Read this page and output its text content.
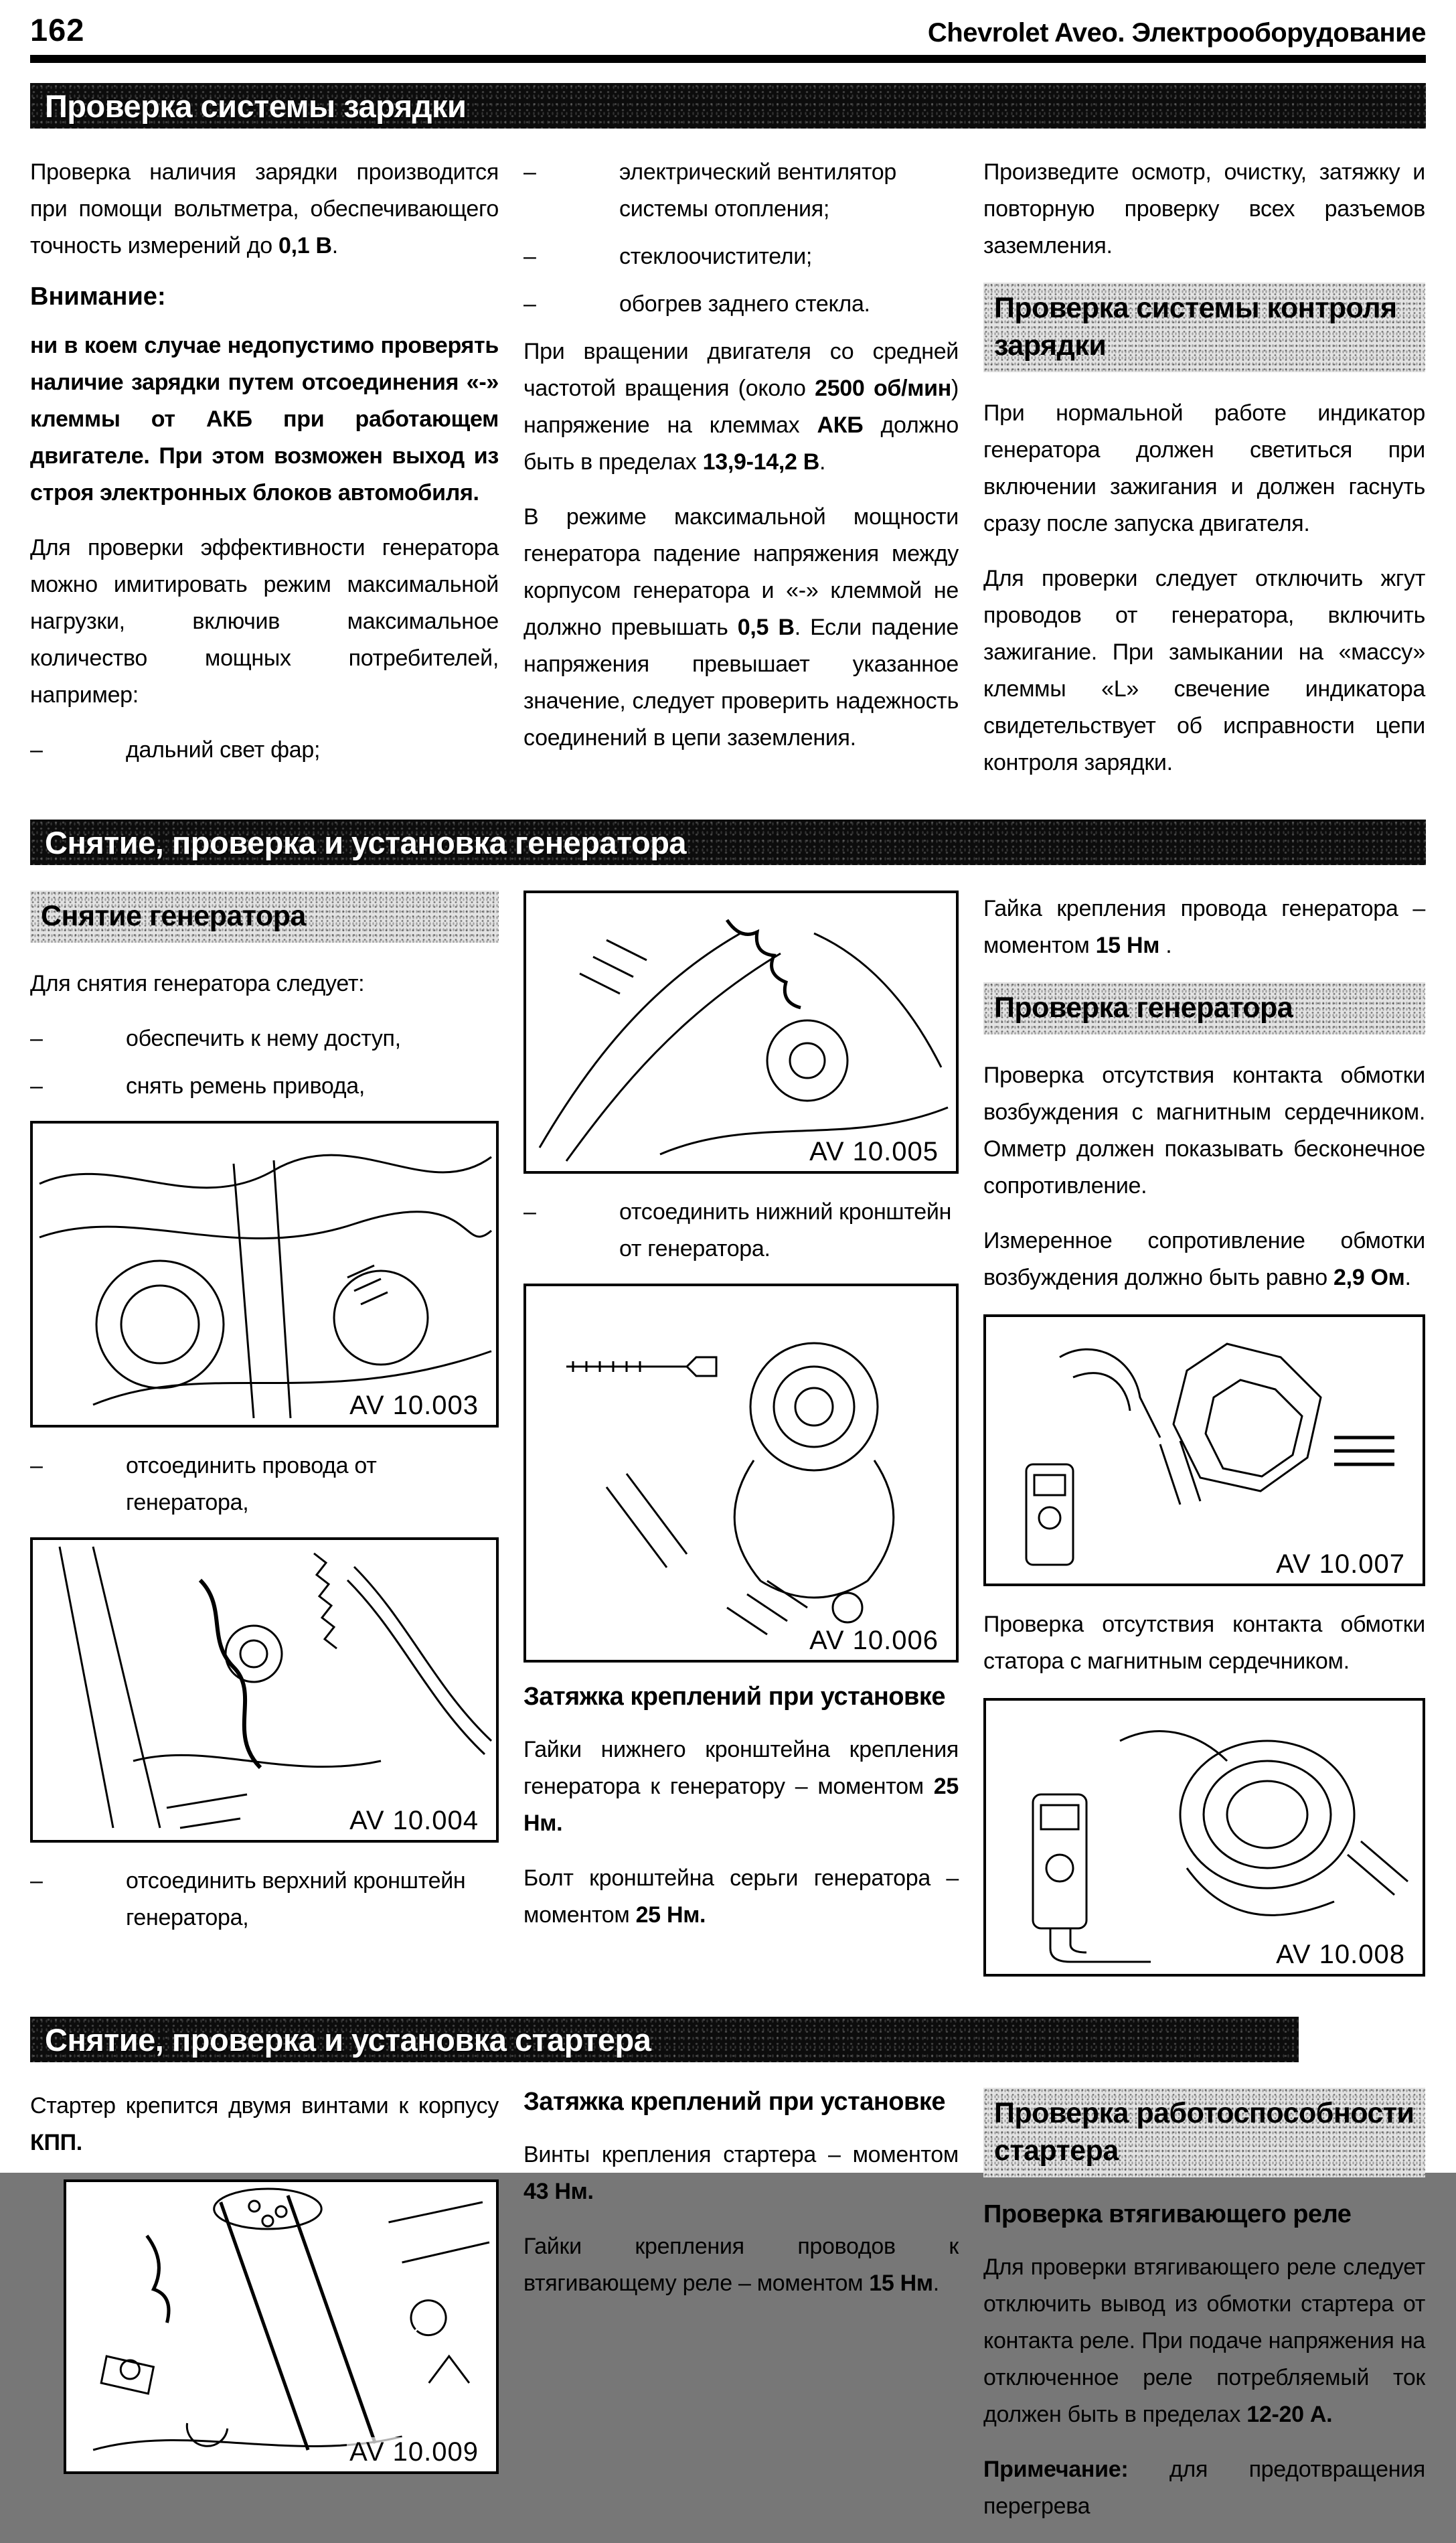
162	Chevrolet Aveo. Электрооборудование
Проверка системы зарядки

Проверка наличия зарядки производится при помощи вольтметра, обеспечивающего точность измерений до 0,1 В.

Внимание:

ни в коем случае недопустимо проверять наличие зарядки путем отсоединения «-» клеммы от АКБ при работающем двигателе. При этом возможен выход из строя электронных блоков автомобиля.

Для проверки эффективности генератора можно имитировать режим максимальной нагрузки, включив максимальное количество мощных потребителей, например:

–	дальний свет фар;
–	электрический вентилятор системы отопления;
–	стеклоочистители;
–	обогрев заднего стекла.

При вращении двигателя со средней частотой вращения (около 2500 об/мин) напряжение на клеммах АКБ должно быть в пределах 13,9-14,2 В.

В режиме максимальной мощности генератора падение напряжения между корпусом генератора и «-» клеммой не должно превышать 0,5 В. Если падение напряжения превышает указанное значение, следует проверить надежность соединений в цепи заземления.

Произведите осмотр, очистку, затяжку и повторную проверку всех разъемов заземления.

Проверка системы контроля зарядки

При нормальной работе индикатор генератора должен светиться при включении зажигания и должен гаснуть сразу после запуска двигателя.

Для проверки следует отключить жгут проводов от генератора, включить зажигание. При замыкании на «массу» клеммы «L» свечение индикатора свидетельствует об исправности цепи контроля зарядки.

Снятие, проверка и установка генератора
Снятие генератора

Для снятия генератора следует:

–	обеспечить к нему доступ,
–	снять ремень привода,
AV 10.003
–	отсоединить провода от генератора,
AV 10.004
–	отсоединить верхний кронштейн генератора,
AV 10.005
–	отсоединить нижний кронштейн от генератора.
AV 10.006

Затяжка креплений при установке

Гайки нижнего кронштейна крепления генератора к генератору – моментом 25 Нм.

Болт кронштейна серьги генератора – моментом 25 Нм.

Гайка крепления провода генератора – моментом 15 Нм .

Проверка генератора

Проверка отсутствия контакта обмотки возбуждения с магнитным сердечником. Омметр должен показывать бесконечное сопротивление.

Измеренное сопротивление обмотки возбуждения должно быть равно 2,9 Ом.

AV 10.007

Проверка отсутствия контакта обмотки статора с магнитным сердечником.

AV 10.008
Снятие, проверка и установка стартера

Стартер крепится двумя винтами к корпусу КПП.

AV 10.009

Затяжка креплений при установке

Винты крепления стартера – моментом 43 Нм.

Гайки крепления проводов к втягивающему реле – моментом 15 Нм.

Проверка работоспособности стартера

Проверка втягивающего реле

Для проверки втягивающего реле следует отключить вывод из обмотки стартера от контакта реле. При подаче напряжения на отключенное реле потребляемый ток должен быть в пределах 12-20 А.

Примечание: для предотвращения перегрева
